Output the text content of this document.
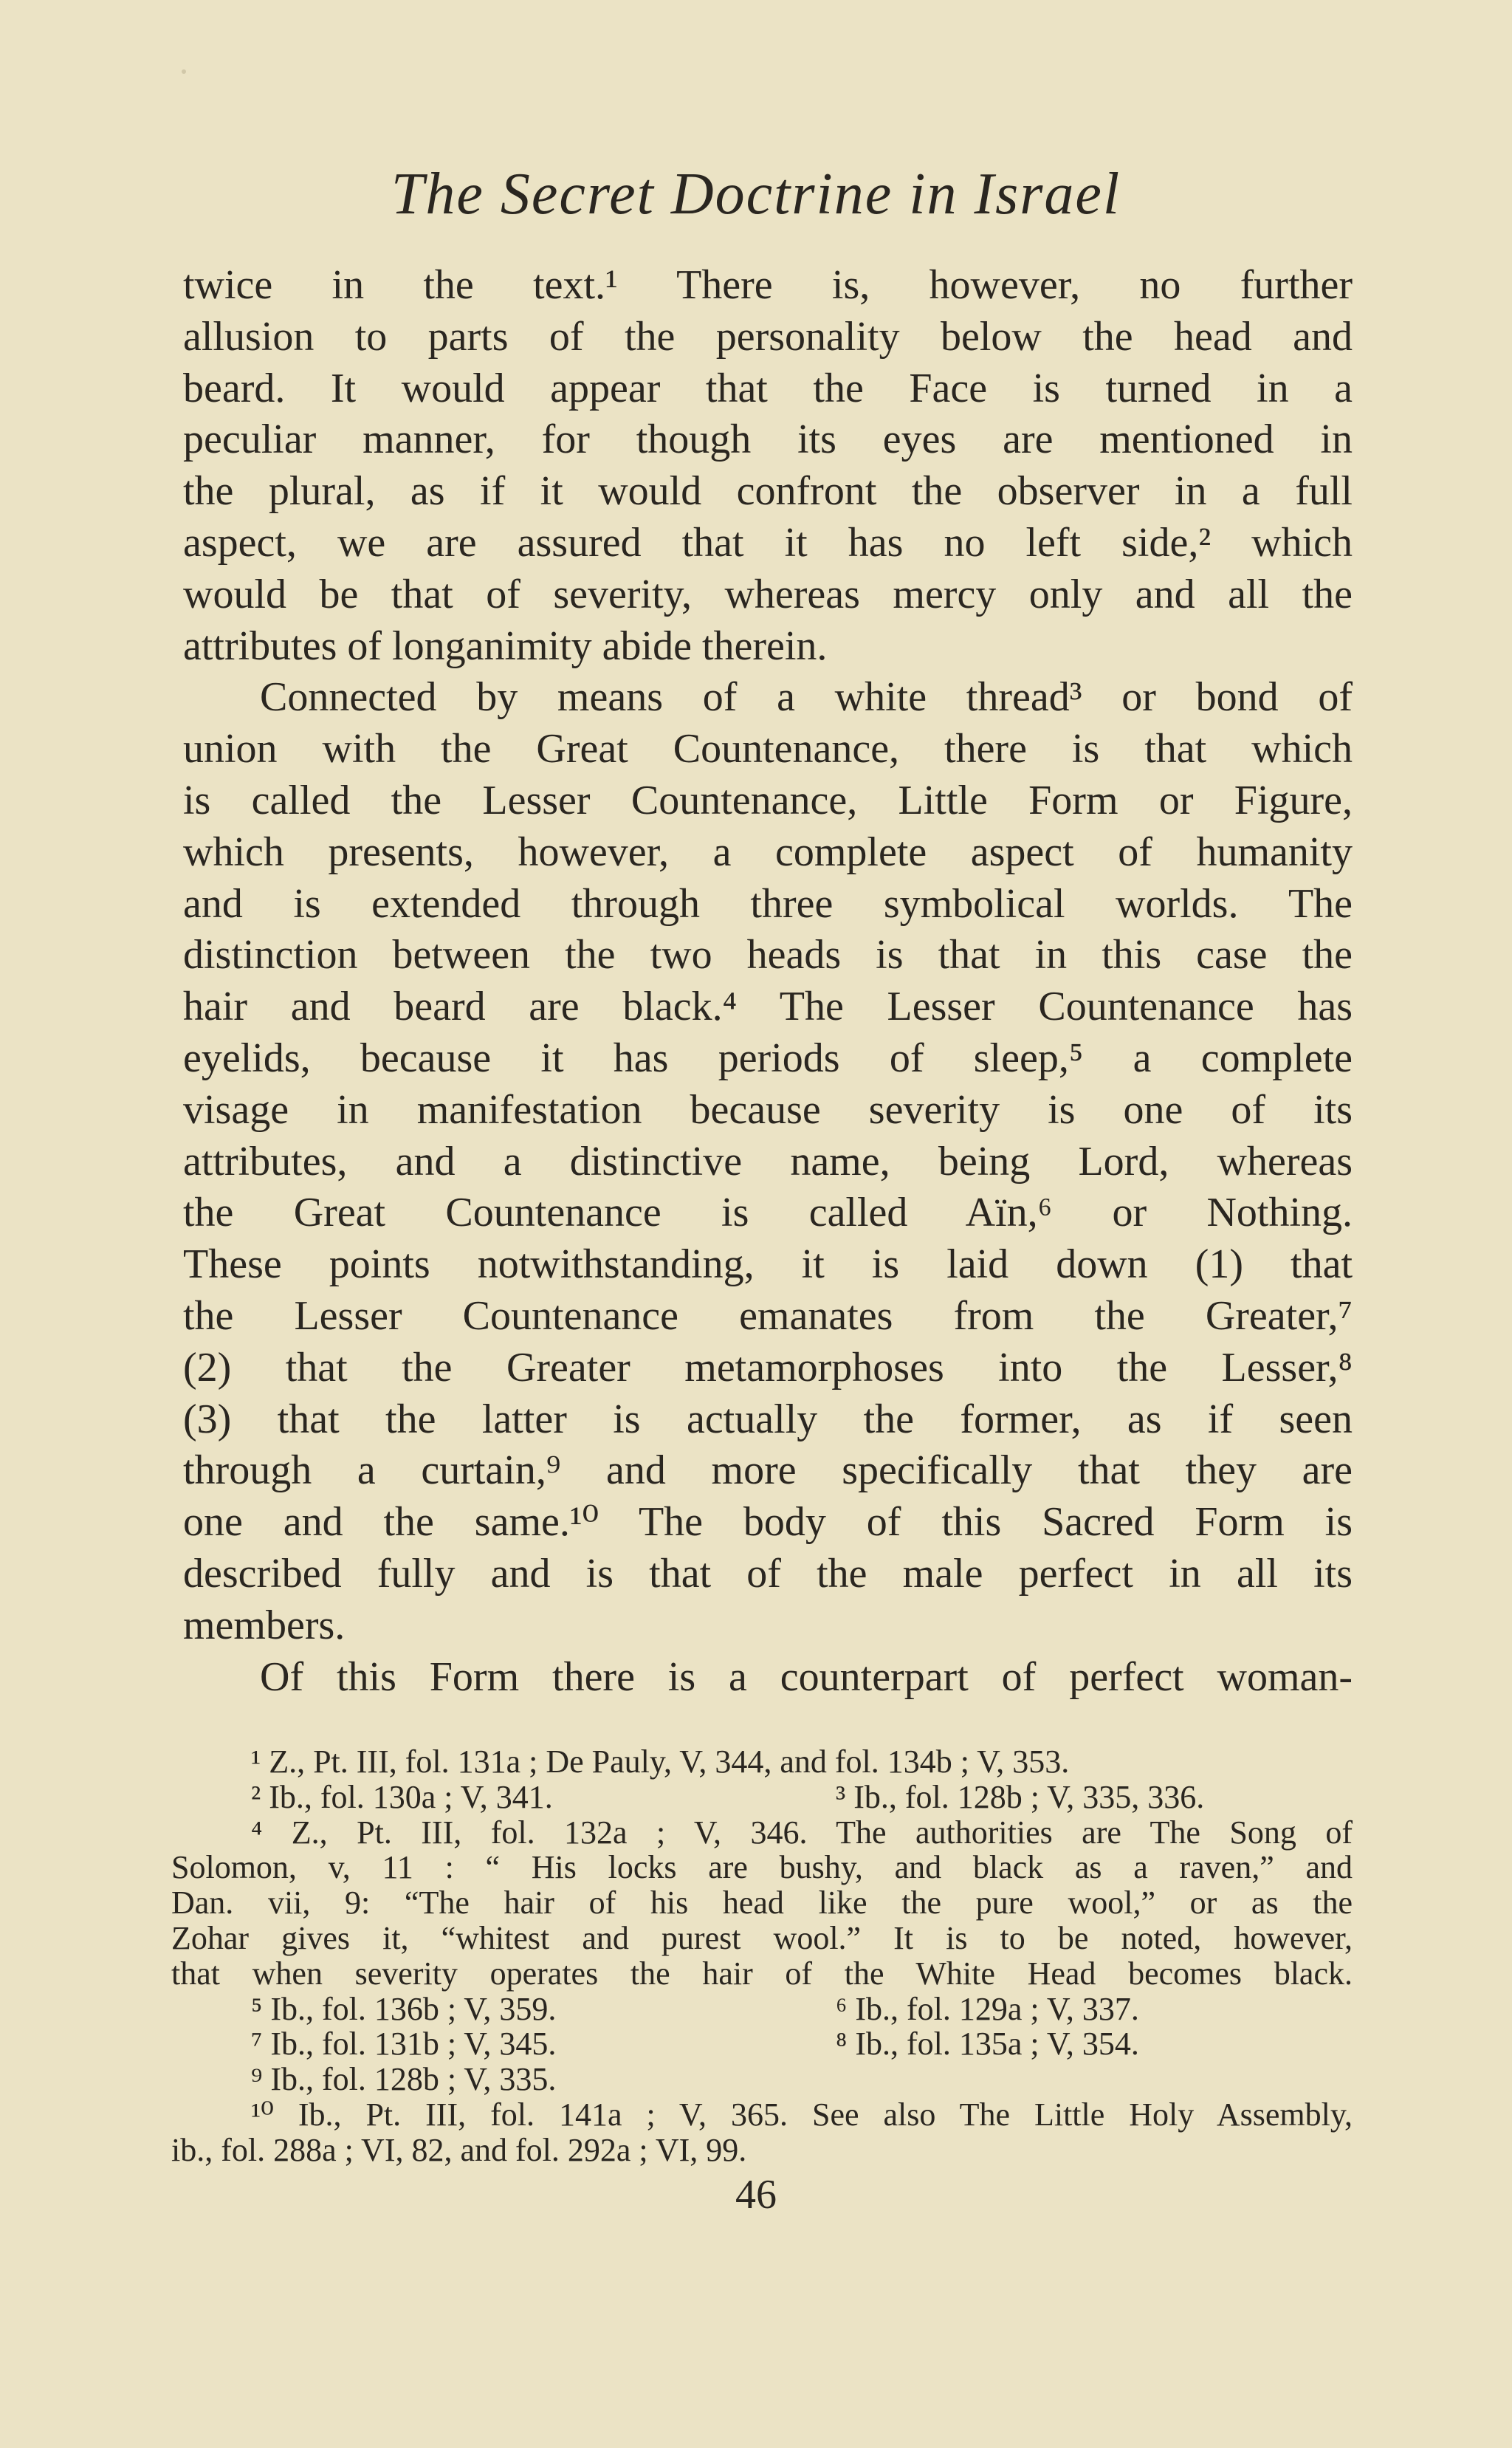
The Secret Doctrine in Israel
twice in the text.¹ There is, however, no further
allusion to parts of the personality below the head and
beard. It would appear that the Face is turned in a
peculiar manner, for though its eyes are mentioned in
the plural, as if it would confront the observer in a full
aspect, we are assured that it has no left side,² which
would be that of severity, whereas mercy only and all the
attributes of longanimity abide therein.
Connected by means of a white thread³ or bond of
union with the Great Countenance, there is that which
is called the Lesser Countenance, Little Form or Figure,
which presents, however, a complete aspect of humanity
and is extended through three symbolical worlds. The
distinction between the two heads is that in this case the
hair and beard are black.⁴ The Lesser Countenance has
eyelids, because it has periods of sleep,⁵ a complete
visage in manifestation because severity is one of its
attributes, and a distinctive name, being Lord, whereas
the Great Countenance is called Aïn,⁶ or Nothing.
These points notwithstanding, it is laid down (1) that
the Lesser Countenance emanates from the Greater,⁷
(2) that the Greater metamorphoses into the Lesser,⁸
(3) that the latter is actually the former, as if seen
through a curtain,⁹ and more specifically that they are
one and the same.¹⁰ The body of this Sacred Form is
described fully and is that of the male perfect in all its
members.
Of this Form there is a counterpart of perfect woman-
¹ Z., Pt. III, fol. 131a ; De Pauly, V, 344, and fol. 134b ; V, 353.
² Ib., fol. 130a ; V, 341.	³ Ib., fol. 128b ; V, 335, 336.
⁴ Z., Pt. III, fol. 132a ; V, 346. The authorities are The Song of
Solomon, v, 11 : “ His locks are bushy, and black as a raven,” and
Dan. vii, 9: “The hair of his head like the pure wool,” or as the
Zohar gives it, “whitest and purest wool.” It is to be noted, however,
that when severity operates the hair of the White Head becomes black.
⁵ Ib., fol. 136b ; V, 359.	⁶ Ib., fol. 129a ; V, 337.
⁷ Ib., fol. 131b ; V, 345.	⁸ Ib., fol. 135a ; V, 354.
⁹ Ib., fol. 128b ; V, 335.
¹⁰ Ib., Pt. III, fol. 141a ; V, 365. See also The Little Holy Assembly,
ib., fol. 288a ; VI, 82, and fol. 292a ; VI, 99.
46
